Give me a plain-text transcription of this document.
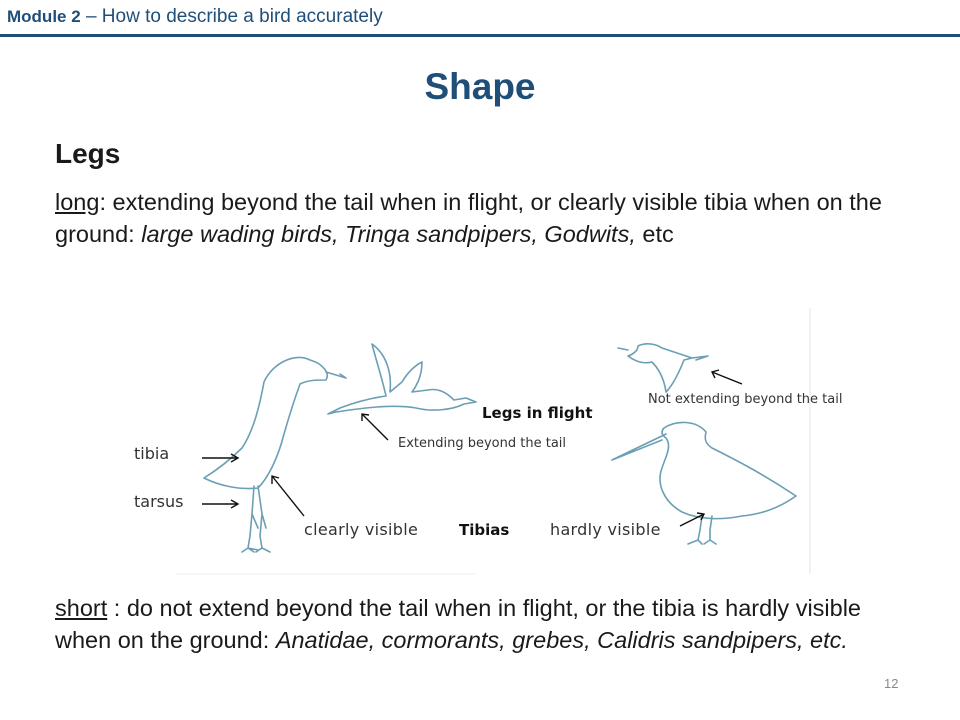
Module 2 – How to describe a bird accurately
Shape
Legs
long: extending beyond the tail when in flight, or clearly visible tibia when on the ground: large wading birds, Tringa sandpipers, Godwits, etc
tibia
tarsus
clearly visible	Tibias	hardly visible
Legs in flight
Extending beyond the tail
Not extending beyond the tail
short : do not extend beyond the tail when in flight, or the tibia is hardly visible when on the ground: Anatidae, cormorants, grebes, Calidris sandpipers, etc.
12
